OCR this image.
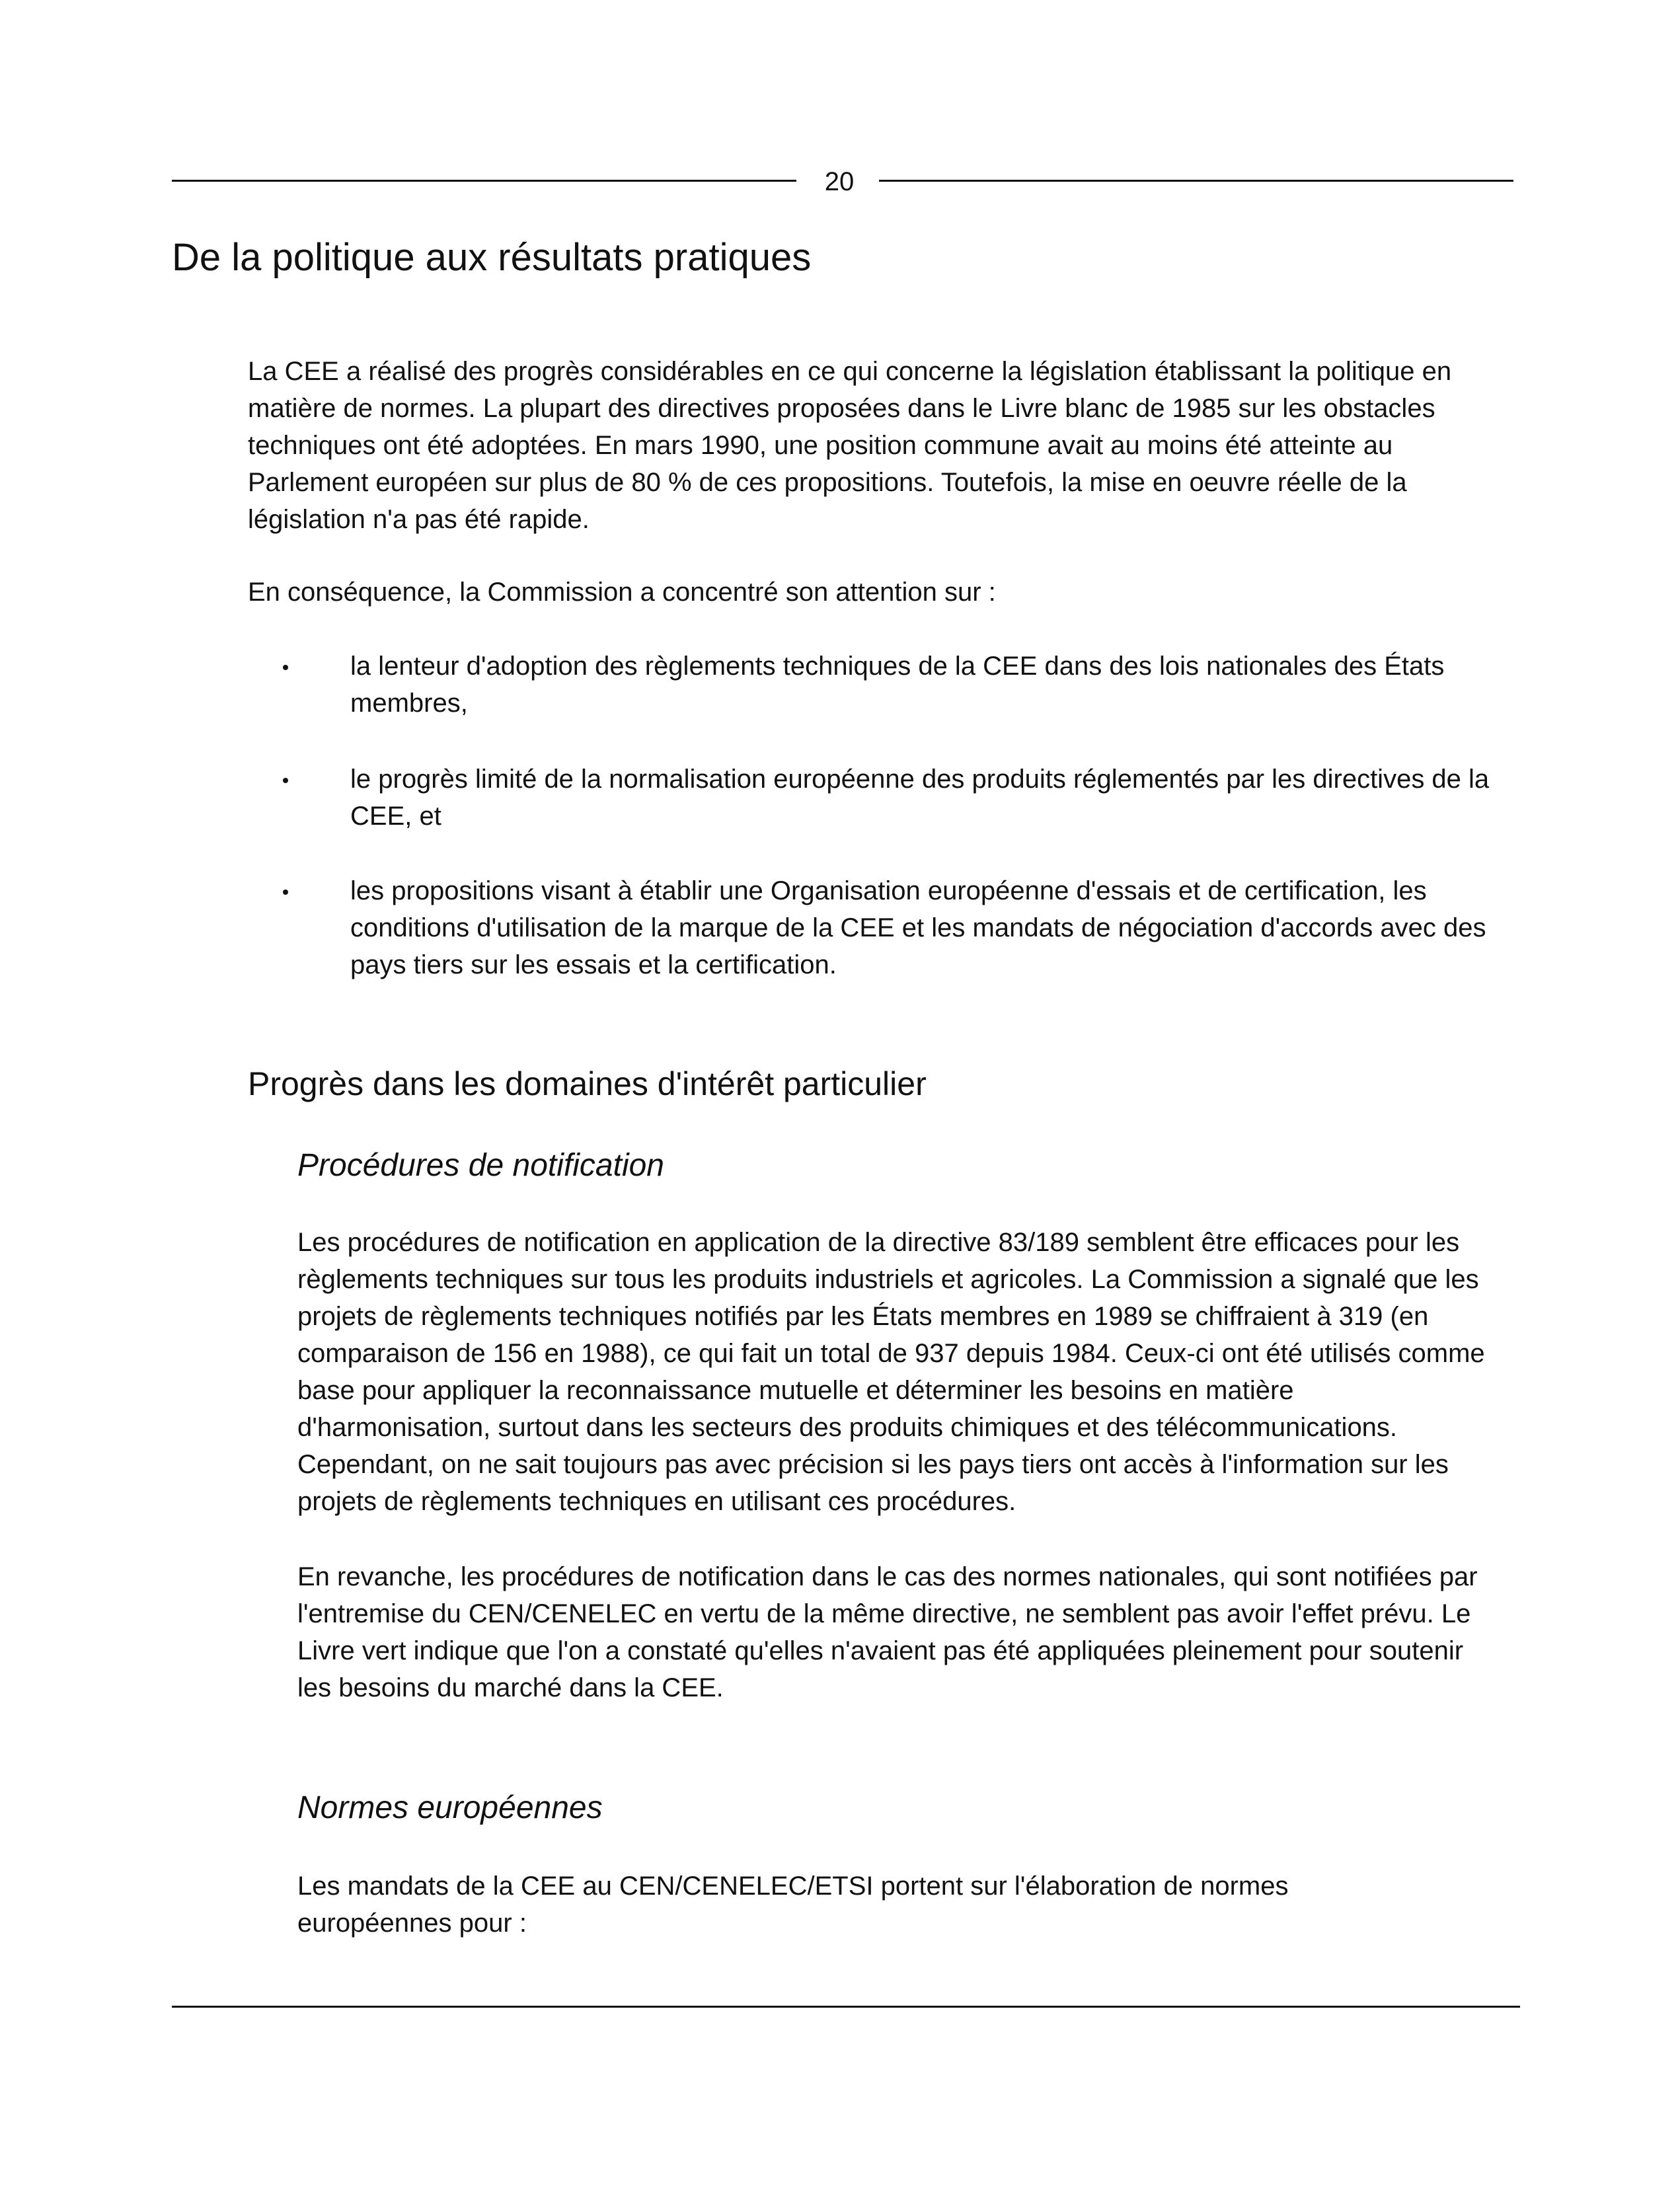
20
De la politique aux résultats pratiques

La CEE a réalisé des progrès considérables en ce qui concerne la législation établissant la politique en matière de normes. La plupart des directives proposées dans le Livre blanc de 1985 sur les obstacles techniques ont été adoptées. En mars 1990, une position commune avait au moins été atteinte au Parlement européen sur plus de 80 % de ces propositions. Toutefois, la mise en oeuvre réelle de la législation n'a pas été rapide.

En conséquence, la Commission a concentré son attention sur :

la lenteur d'adoption des règlements techniques de la CEE dans des lois nationales des États membres,

le progrès limité de la normalisation européenne des produits réglementés par les directives de la CEE, et

les propositions visant à établir une Organisation européenne d'essais et de certification, les conditions d'utilisation de la marque de la CEE et les mandats de négociation d'accords avec des pays tiers sur les essais et la certification.

Progrès dans les domaines d'intérêt particulier
Procédures de notification

Les procédures de notification en application de la directive 83/189 semblent être efficaces pour les règlements techniques sur tous les produits industriels et agricoles. La Commission a signalé que les projets de règlements techniques notifiés par les États membres en 1989 se chiffraient à 319 (en comparaison de 156 en 1988), ce qui fait un total de 937 depuis 1984. Ceux-ci ont été utilisés comme base pour appliquer la reconnaissance mutuelle et déterminer les besoins en matière d'harmonisation, surtout dans les secteurs des produits chimiques et des télécommunications. Cependant, on ne sait toujours pas avec précision si les pays tiers ont accès à l'information sur les projets de règlements techniques en utilisant ces procédures.

En revanche, les procédures de notification dans le cas des normes nationales, qui sont notifiées par l'entremise du CEN/CENELEC en vertu de la même directive, ne semblent pas avoir l'effet prévu. Le Livre vert indique que l'on a constaté qu'elles n'avaient pas été appliquées pleinement pour soutenir les besoins du marché dans la CEE.

Normes européennes

Les mandats de la CEE au CEN/CENELEC/ETSI portent sur l'élaboration de normes européennes pour :
